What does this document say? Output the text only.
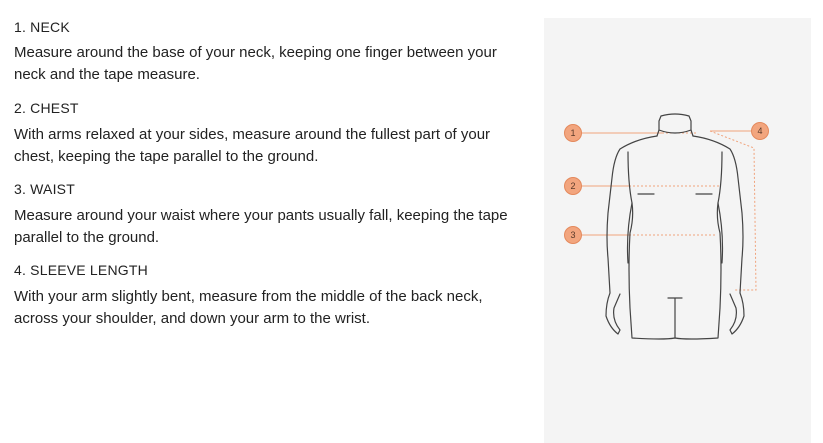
1. NECK

Measure around the base of your neck, keeping one finger between your neck and the tape measure.

2. CHEST

With arms relaxed at your sides, measure around the fullest part of your chest, keeping the tape parallel to the ground.

3. WAIST

Measure around your waist where your pants usually fall, keeping the tape parallel to the ground.

4. SLEEVE LENGTH

With your arm slightly bent, measure from the middle of the back neck, across your shoulder, and down your arm to the wrist.

1
2
3
4
